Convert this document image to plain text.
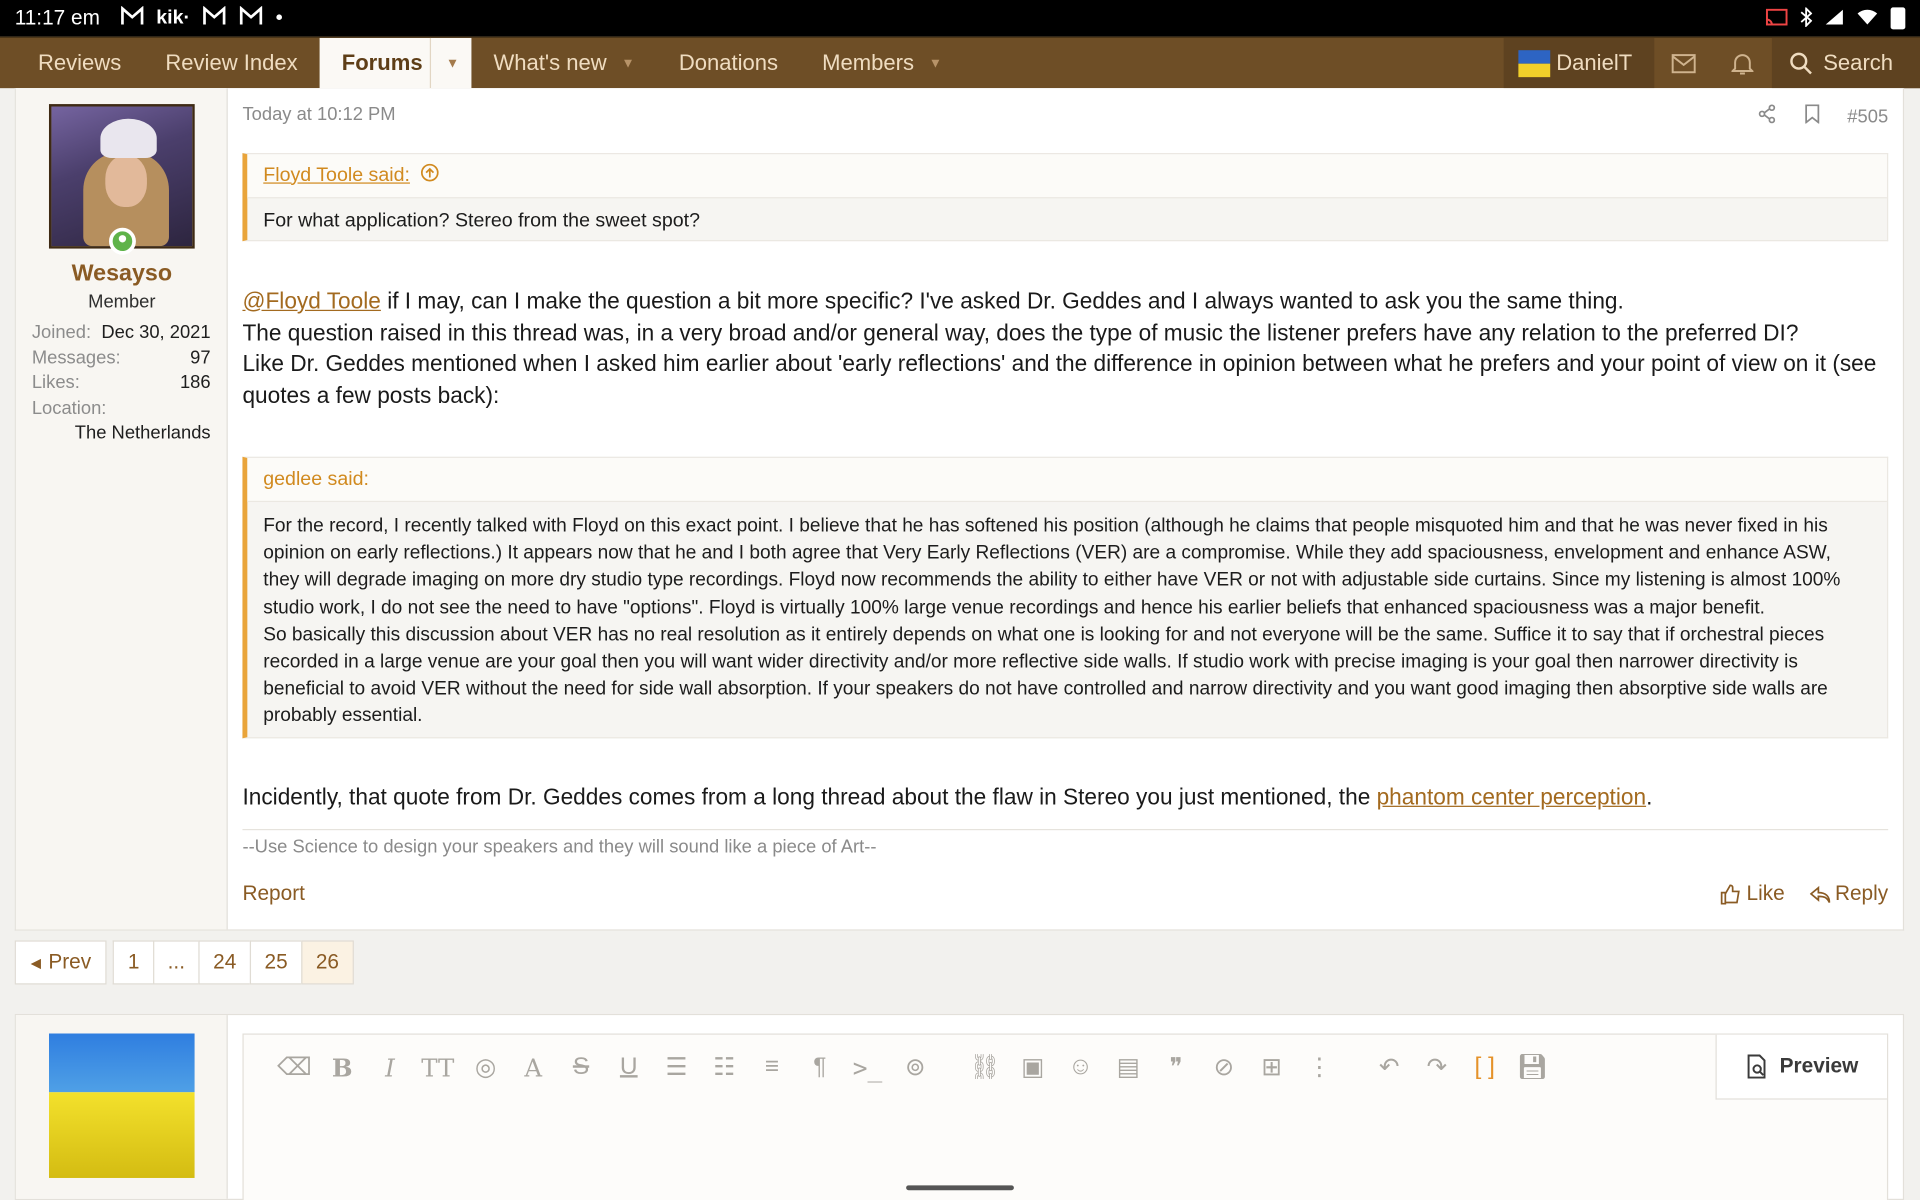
11:17 em	kik·	•
Reviews Review Index Forums	▼ What's new ▼ Donations Members ▼	DanielT	Search
Wesayso
Member
Joined: Dec 30, 2021
Messages:	97
Likes:	186
Location:
The Netherlands
Today at 10:12 PM	#505
Floyd Toole said:
For what application? Stereo from the sweet spot?
@Floyd Toole if I may, can I make the question a bit more specific? I've asked Dr. Geddes and I always wanted to ask you the same thing.
The question raised in this thread was, in a very broad and/or general way, does the type of music the listener prefers have any relation to the preferred DI?
Like Dr. Geddes mentioned when I asked him earlier about 'early reflections' and the difference in opinion between what he prefers and your point of view on it (see quotes a few posts back):
gedlee said:
For the record, I recently talked with Floyd on this exact point. I believe that he has softened his position (although he claims that people misquoted him and that he was never fixed in his opinion on early reflections.) It appears now that he and I both agree that Very Early Reflections (VER) are a compromise. While they add spaciousness, envelopment and enhance ASW, they will degrade imaging on more dry studio type recordings. Floyd now recommends the ability to either have VER or not with adjustable side curtains. Since my listening is almost 100% studio work, I do not see the need to have "options". Floyd is virtually 100% large venue recordings and hence his earlier beliefs that enhanced spaciousness was a major benefit.
So basically this discussion about VER has no real resolution as it entirely depends on what one is looking for and not everyone will be the same. Suffice it to say that if orchestral pieces recorded in a large venue are your goal then you will want wider directivity and/or more reflective side walls. If studio work with precise imaging is your goal then narrower directivity is beneficial to avoid VER without the need for side wall absorption. If your speakers do not have controlled and narrow directivity and you want good imaging then absorptive side walls are probably essential.
Incidently, that quote from Dr. Geddes comes from a long thread about the flaw in Stereo you just mentioned, the phantom center perception.
--Use Science to design your speakers and they will sound like a piece of Art--
Report	Like	Reply
◀ Prev	1	...	24	25	26
⌫	B	I	TT	◎	A	S U	☰	☷	≡	¶	>_	⊚	⛓	▣	☺	▤	❞	⊘	⊞	⋮	↶	↷	[ ]	💾︎	Preview
